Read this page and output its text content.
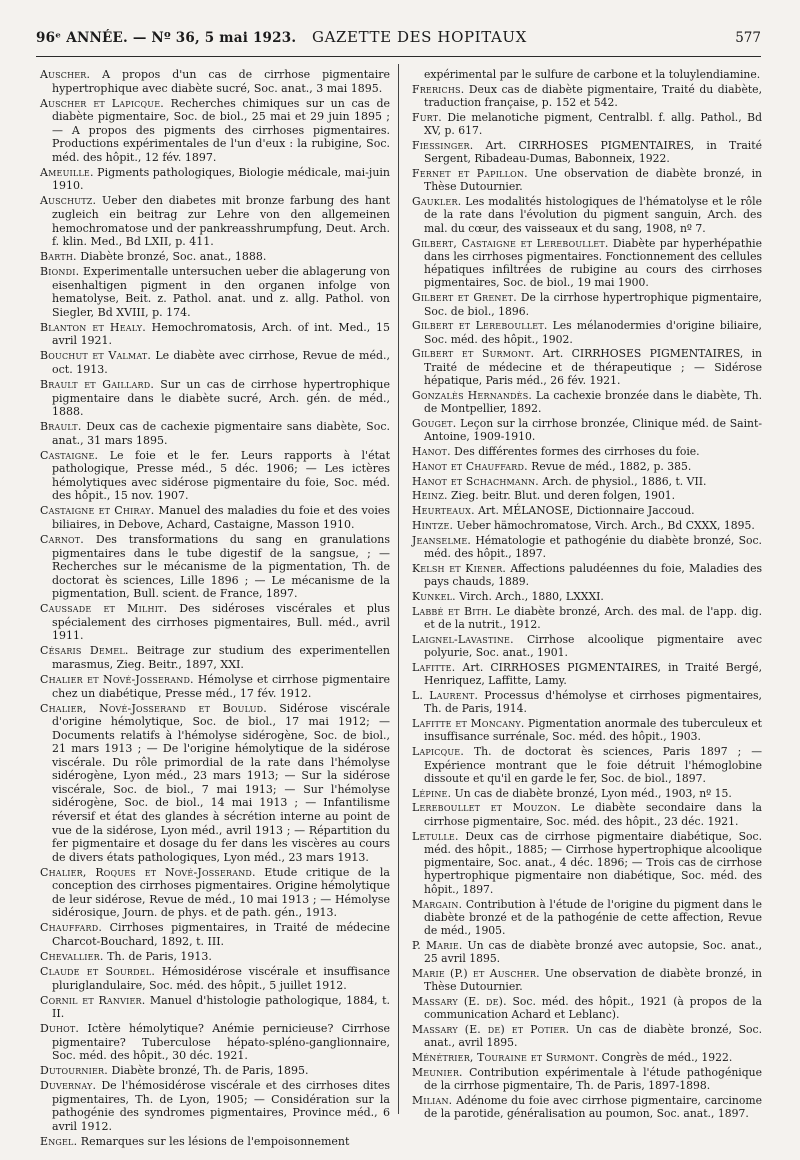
96ᵉ ANNÉE. — Nº 36, 5 mai 1923. GAZETTE DES HOPITAUX	577

Auscher. A propos d'un cas de cirrhose pigmentaire hypertrophique avec diabète sucré, Soc. anat., 3 mai 1895.

Auscher et Lapicque. Recherches chimiques sur un cas de diabète pigmentaire, Soc. de biol., 25 mai et 29 juin 1895 ; — A propos des pigments des cirrhoses pigmentaires. Productions expérimentales de l'un d'eux : la rubigine, Soc. méd. des hôpit., 12 fév. 1897.

Ameuille. Pigments pathologiques, Biologie médicale, mai-juin 1910.

Auschutz. Ueber den diabetes mit bronze farbung des hant zugleich ein beitrag zur Lehre von den allgemeinen hemochromatose und der pankreasshrumpfung, Deut. Arch. f. klin. Med., Bd LXII, p. 411.

Barth. Diabète bronzé, Soc. anat., 1888.

Biondi. Experimentalle untersuchen ueber die ablagerung von eisenhaltigen pigment in den organen infolge von hematolyse, Beit. z. Pathol. anat. und z. allg. Pathol. von Siegler, Bd XVIII, p. 174.

Blanton et Healy. Hemochromatosis, Arch. of int. Med., 15 avril 1921.

Bouchut et Valmat. Le diabète avec cirrhose, Revue de méd., oct. 1913.

Brault et Gaillard. Sur un cas de cirrhose hypertrophique pigmentaire dans le diabète sucré, Arch. gén. de méd., 1888.

Brault. Deux cas de cachexie pigmentaire sans diabète, Soc. anat., 31 mars 1895.

Castaigne. Le foie et le fer. Leurs rapports à l'état pathologique, Presse méd., 5 déc. 1906; — Les ictères hémolytiques avec sidérose pigmentaire du foie, Soc. méd. des hôpit., 15 nov. 1907.

Castaigne et Chiray. Manuel des maladies du foie et des voies biliaires, in Debove, Achard, Castaigne, Masson 1910.

Carnot. Des transformations du sang en granulations pigmentaires dans le tube digestif de la sangsue, ; — Recherches sur le mécanisme de la pigmentation, Th. de doctorat ès sciences, Lille 1896 ; — Le mécanisme de la pigmentation, Bull. scient. de France, 1897.

Caussade et Milhit. Des sidéroses viscérales et plus spécialement des cirrhoses pigmentaires, Bull. méd., avril 1911.

Césaris Demel. Beitrage zur studium des experimentellen marasmus, Zieg. Beitr., 1897, XXI.

Chalier et Nové-Josserand. Hémolyse et cirrhose pigmentaire chez un diabétique, Presse méd., 17 fév. 1912.

Chalier, Nové-Josserand et Boulud. Sidérose viscérale d'origine hémolytique, Soc. de biol., 17 mai 1912; — Documents relatifs à l'hémolyse sidérogène, Soc. de biol., 21 mars 1913 ; — De l'origine hémolytique de la sidérose viscérale. Du rôle primordial de la rate dans l'hémolyse sidérogène, Lyon méd., 23 mars 1913; — Sur la sidérose viscérale, Soc. de biol., 7 mai 1913; — Sur l'hémolyse sidérogène, Soc. de biol., 14 mai 1913 ; — Infantilisme réversif et état des glandes à sécrétion interne au point de vue de la sidérose, Lyon méd., avril 1913 ; — Répartition du fer pigmentaire et dosage du fer dans les viscères au cours de divers états pathologiques, Lyon méd., 23 mars 1913.

Chalier, Roques et Nové-Josserand. Etude critique de la conception des cirrhoses pigmentaires. Origine hémolytique de leur sidérose, Revue de méd., 10 mai 1913 ; — Hémolyse sidérosique, Journ. de phys. et de path. gén., 1913.

Chauffard. Cirrhoses pigmentaires, in Traité de médecine Charcot-Bouchard, 1892, t. III.

Chevallier. Th. de Paris, 1913.

Claude et Sourdel. Hémosidérose viscérale et insuffisance pluriglandulaire, Soc. méd. des hôpit., 5 juillet 1912.

Cornil et Ranvier. Manuel d'histologie pathologique, 1884, t. II.

Duhot. Ictère hémolytique? Anémie pernicieuse? Cirrhose pigmentaire? Tuberculose hépato-spléno-ganglionnaire, Soc. méd. des hôpit., 30 déc. 1921.

Dutournier. Diabète bronzé, Th. de Paris, 1895.

Duvernay. De l'hémosidérose viscérale et des cirrhoses dites pigmentaires, Th. de Lyon, 1905; — Considération sur la pathogénie des syndromes pigmentaires, Province méd., 6 avril 1912.

Engel. Remarques sur les lésions de l'empoisonnement

expérimental par le sulfure de carbone et la toluylendiamine.

Frerichs. Deux cas de diabète pigmentaire, Traité du diabète, traduction française, p. 152 et 542.

Furt. Die melanotiche pigment, Centralbl. f. allg. Pathol., Bd XV, p. 617.

Fiessinger. Art. CIRRHOSES PIGMENTAIRES, in Traité Sergent, Ribadeau-Dumas, Babonneix, 1922.

Fernet et Papillon. Une observation de diabète bronzé, in Thèse Dutournier.

Gaukler. Les modalités histologiques de l'hématolyse et le rôle de la rate dans l'évolution du pigment sanguin, Arch. des mal. du cœur, des vaisseaux et du sang, 1908, nº 7.

Gilbert, Castaigne et Lereboullet. Diabète par hyperhépathie dans les cirrhoses pigmentaires. Fonctionnement des cellules hépatiques infiltrées de rubigine au cours des cirrhoses pigmentaires, Soc. de biol., 19 mai 1900.

Gilbert et Grenet. De la cirrhose hypertrophique pigmentaire, Soc. de biol., 1896.

Gilbert et Lereboullet. Les mélanodermies d'origine biliaire, Soc. méd. des hôpit., 1902.

Gilbert et Surmont. Art. CIRRHOSES PIGMENTAIRES, in Traité de médecine et de thérapeutique ; — Sidérose hépatique, Paris méd., 26 fév. 1921.

Gonzalès Hernandès. La cachexie bronzée dans le diabète, Th. de Montpellier, 1892.

Gouget. Leçon sur la cirrhose bronzée, Clinique méd. de Saint-Antoine, 1909-1910.

Hanot. Des différentes formes des cirrhoses du foie.

Hanot et Chauffard. Revue de méd., 1882, p. 385.

Hanot et Schachmann. Arch. de physiol., 1886, t. VII.

Heinz. Zieg. beitr. Blut. und deren folgen, 1901.

Heurteaux. Art. MÉLANOSE, Dictionnaire Jaccoud.

Hintze. Ueber hämochromatose, Virch. Arch., Bd CXXX, 1895.

Jeanselme. Hématologie et pathogénie du diabète bronzé, Soc. méd. des hôpit., 1897.

Kelsh et Kiener. Affections paludéennes du foie, Maladies des pays chauds, 1889.

Kunkel. Virch. Arch., 1880, LXXXI.

Labbé et Bith. Le diabète bronzé, Arch. des mal. de l'app. dig. et de la nutrit., 1912.

Laignel-Lavastine. Cirrhose alcoolique pigmentaire avec polyurie, Soc. anat., 1901.

Lafitte. Art. CIRRHOSES PIGMENTAIRES, in Traité Bergé, Henriquez, Laffitte, Lamy.

L. Laurent. Processus d'hémolyse et cirrhoses pigmentaires, Th. de Paris, 1914.

Lafitte et Moncany. Pigmentation anormale des tuberculeux et insuffisance surrénale, Soc. méd. des hôpit., 1903.

Lapicque. Th. de doctorat ès sciences, Paris 1897 ; — Expérience montrant que le foie détruit l'hémoglobine dissoute et qu'il en garde le fer, Soc. de biol., 1897.

Lépine. Un cas de diabète bronzé, Lyon méd., 1903, nº 15.

Lereboullet et Mouzon. Le diabète secondaire dans la cirrhose pigmentaire, Soc. méd. des hôpit., 23 déc. 1921.

Letulle. Deux cas de cirrhose pigmentaire diabétique, Soc. méd. des hôpit., 1885; — Cirrhose hypertrophique alcoolique pigmentaire, Soc. anat., 4 déc. 1896; — Trois cas de cirrhose hypertrophique pigmentaire non diabétique, Soc. méd. des hôpit., 1897.

Margain. Contribution à l'étude de l'origine du pigment dans le diabète bronzé et de la pathogénie de cette affection, Revue de méd., 1905.

P. Marie. Un cas de diabète bronzé avec autopsie, Soc. anat., 25 avril 1895.

Marie (P.) et Auscher. Une observation de diabète bronzé, in Thèse Dutournier.

Massary (E. de). Soc. méd. des hôpit., 1921 (à propos de la communication Achard et Leblanc).

Massary (E. de) et Potier. Un cas de diabète bronzé, Soc. anat., avril 1895.

Ménétrier, Touraine et Surmont. Congrès de méd., 1922.

Meunier. Contribution expérimentale à l'étude pathogénique de la cirrhose pigmentaire, Th. de Paris, 1897-1898.

Milian. Adénome du foie avec cirrhose pigmentaire, carcinome de la parotide, généralisation au poumon, Soc. anat., 1897.
